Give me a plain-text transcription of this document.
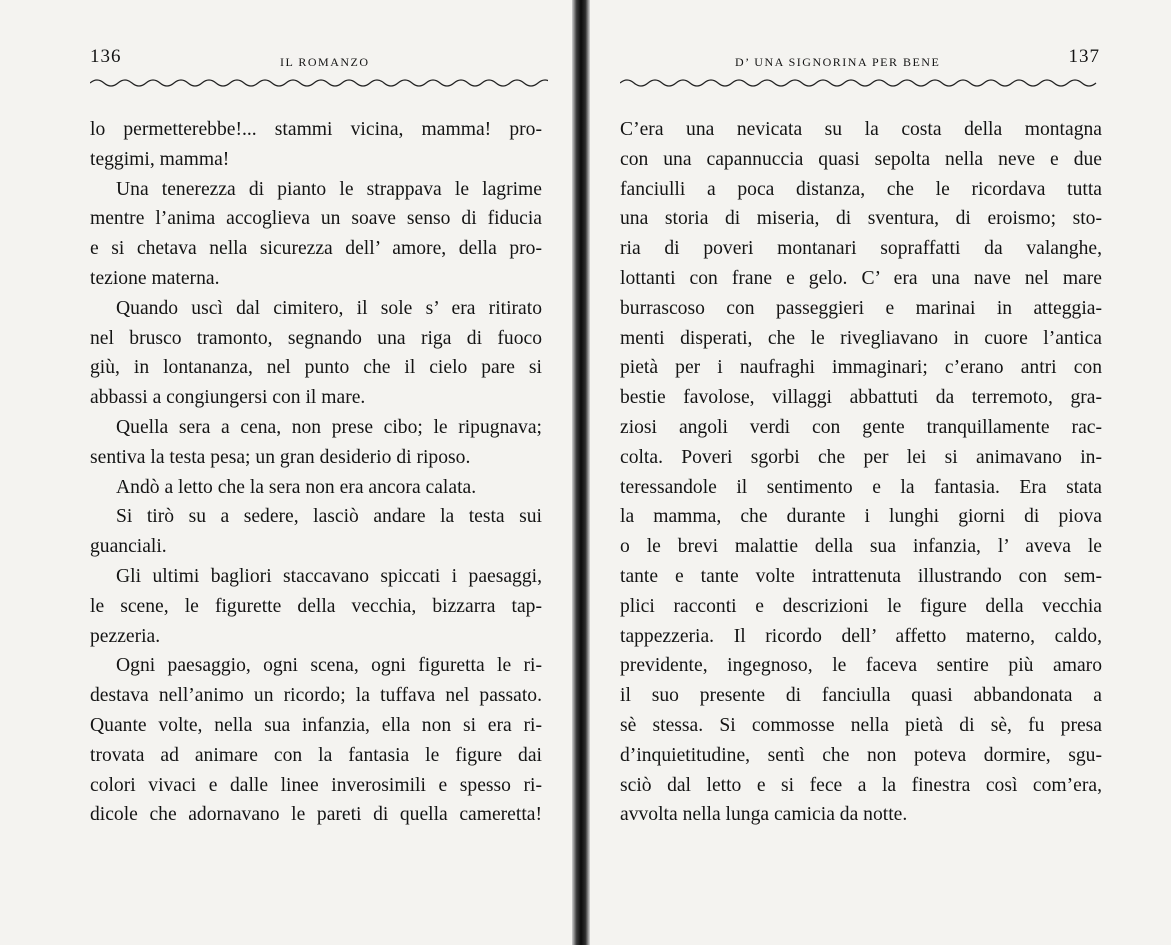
136	IL ROMANZO
lo permetterebbe!... stammi vicina, mamma! pro-
teggimi, mamma!
Una tenerezza di pianto le strappava le lagrime
mentre l’anima accoglieva un soave senso di fiducia
e si chetava nella sicurezza dell’ amore, della pro-
tezione materna.
Quando uscì dal cimitero, il sole s’ era ritirato
nel brusco tramonto, segnando una riga di fuoco
giù, in lontananza, nel punto che il cielo pare si
abbassi a congiungersi con il mare.
Quella sera a cena, non prese cibo; le ripugnava;
sentiva la testa pesa; un gran desiderio di riposo.
Andò a letto che la sera non era ancora calata.
Si tirò su a sedere, lasciò andare la testa sui
guanciali.
Gli ultimi bagliori staccavano spiccati i paesaggi,
le scene, le figurette della vecchia, bizzarra tap-
pezzeria.
Ogni paesaggio, ogni scena, ogni figuretta le ri-
destava nell’animo un ricordo; la tuffava nel passato.
Quante volte, nella sua infanzia, ella non si era ri-
trovata ad animare con la fantasia le figure dai
colori vivaci e dalle linee inverosimili e spesso ri-
dicole che adornavano le pareti di quella cameretta!
D’ UNA SIGNORINA PER BENE	137
C’era una nevicata su la costa della montagna
con una capannuccia quasi sepolta nella neve e due
fanciulli a poca distanza, che le ricordava tutta
una storia di miseria, di sventura, di eroismo; sto-
ria di poveri montanari sopraffatti da valanghe,
lottanti con frane e gelo. C’ era una nave nel mare
burrascoso con passeggieri e marinai in atteggia-
menti disperati, che le rivegliavano in cuore l’antica
pietà per i naufraghi immaginari; c’erano antri con
bestie favolose, villaggi abbattuti da terremoto, gra-
ziosi angoli verdi con gente tranquillamente rac-
colta. Poveri sgorbi che per lei si animavano in-
teressandole il sentimento e la fantasia. Era stata
la mamma, che durante i lunghi giorni di piova
o le brevi malattie della sua infanzia, l’ aveva le
tante e tante volte intrattenuta illustrando con sem-
plici racconti e descrizioni le figure della vecchia
tappezzeria. Il ricordo dell’ affetto materno, caldo,
previdente, ingegnoso, le faceva sentire più amaro
il suo presente di fanciulla quasi abbandonata a
sè stessa. Si commosse nella pietà di sè, fu presa
d’inquietitudine, sentì che non poteva dormire, sgu-
sciò dal letto e si fece a la finestra così com’era,
avvolta nella lunga camicia da notte.
